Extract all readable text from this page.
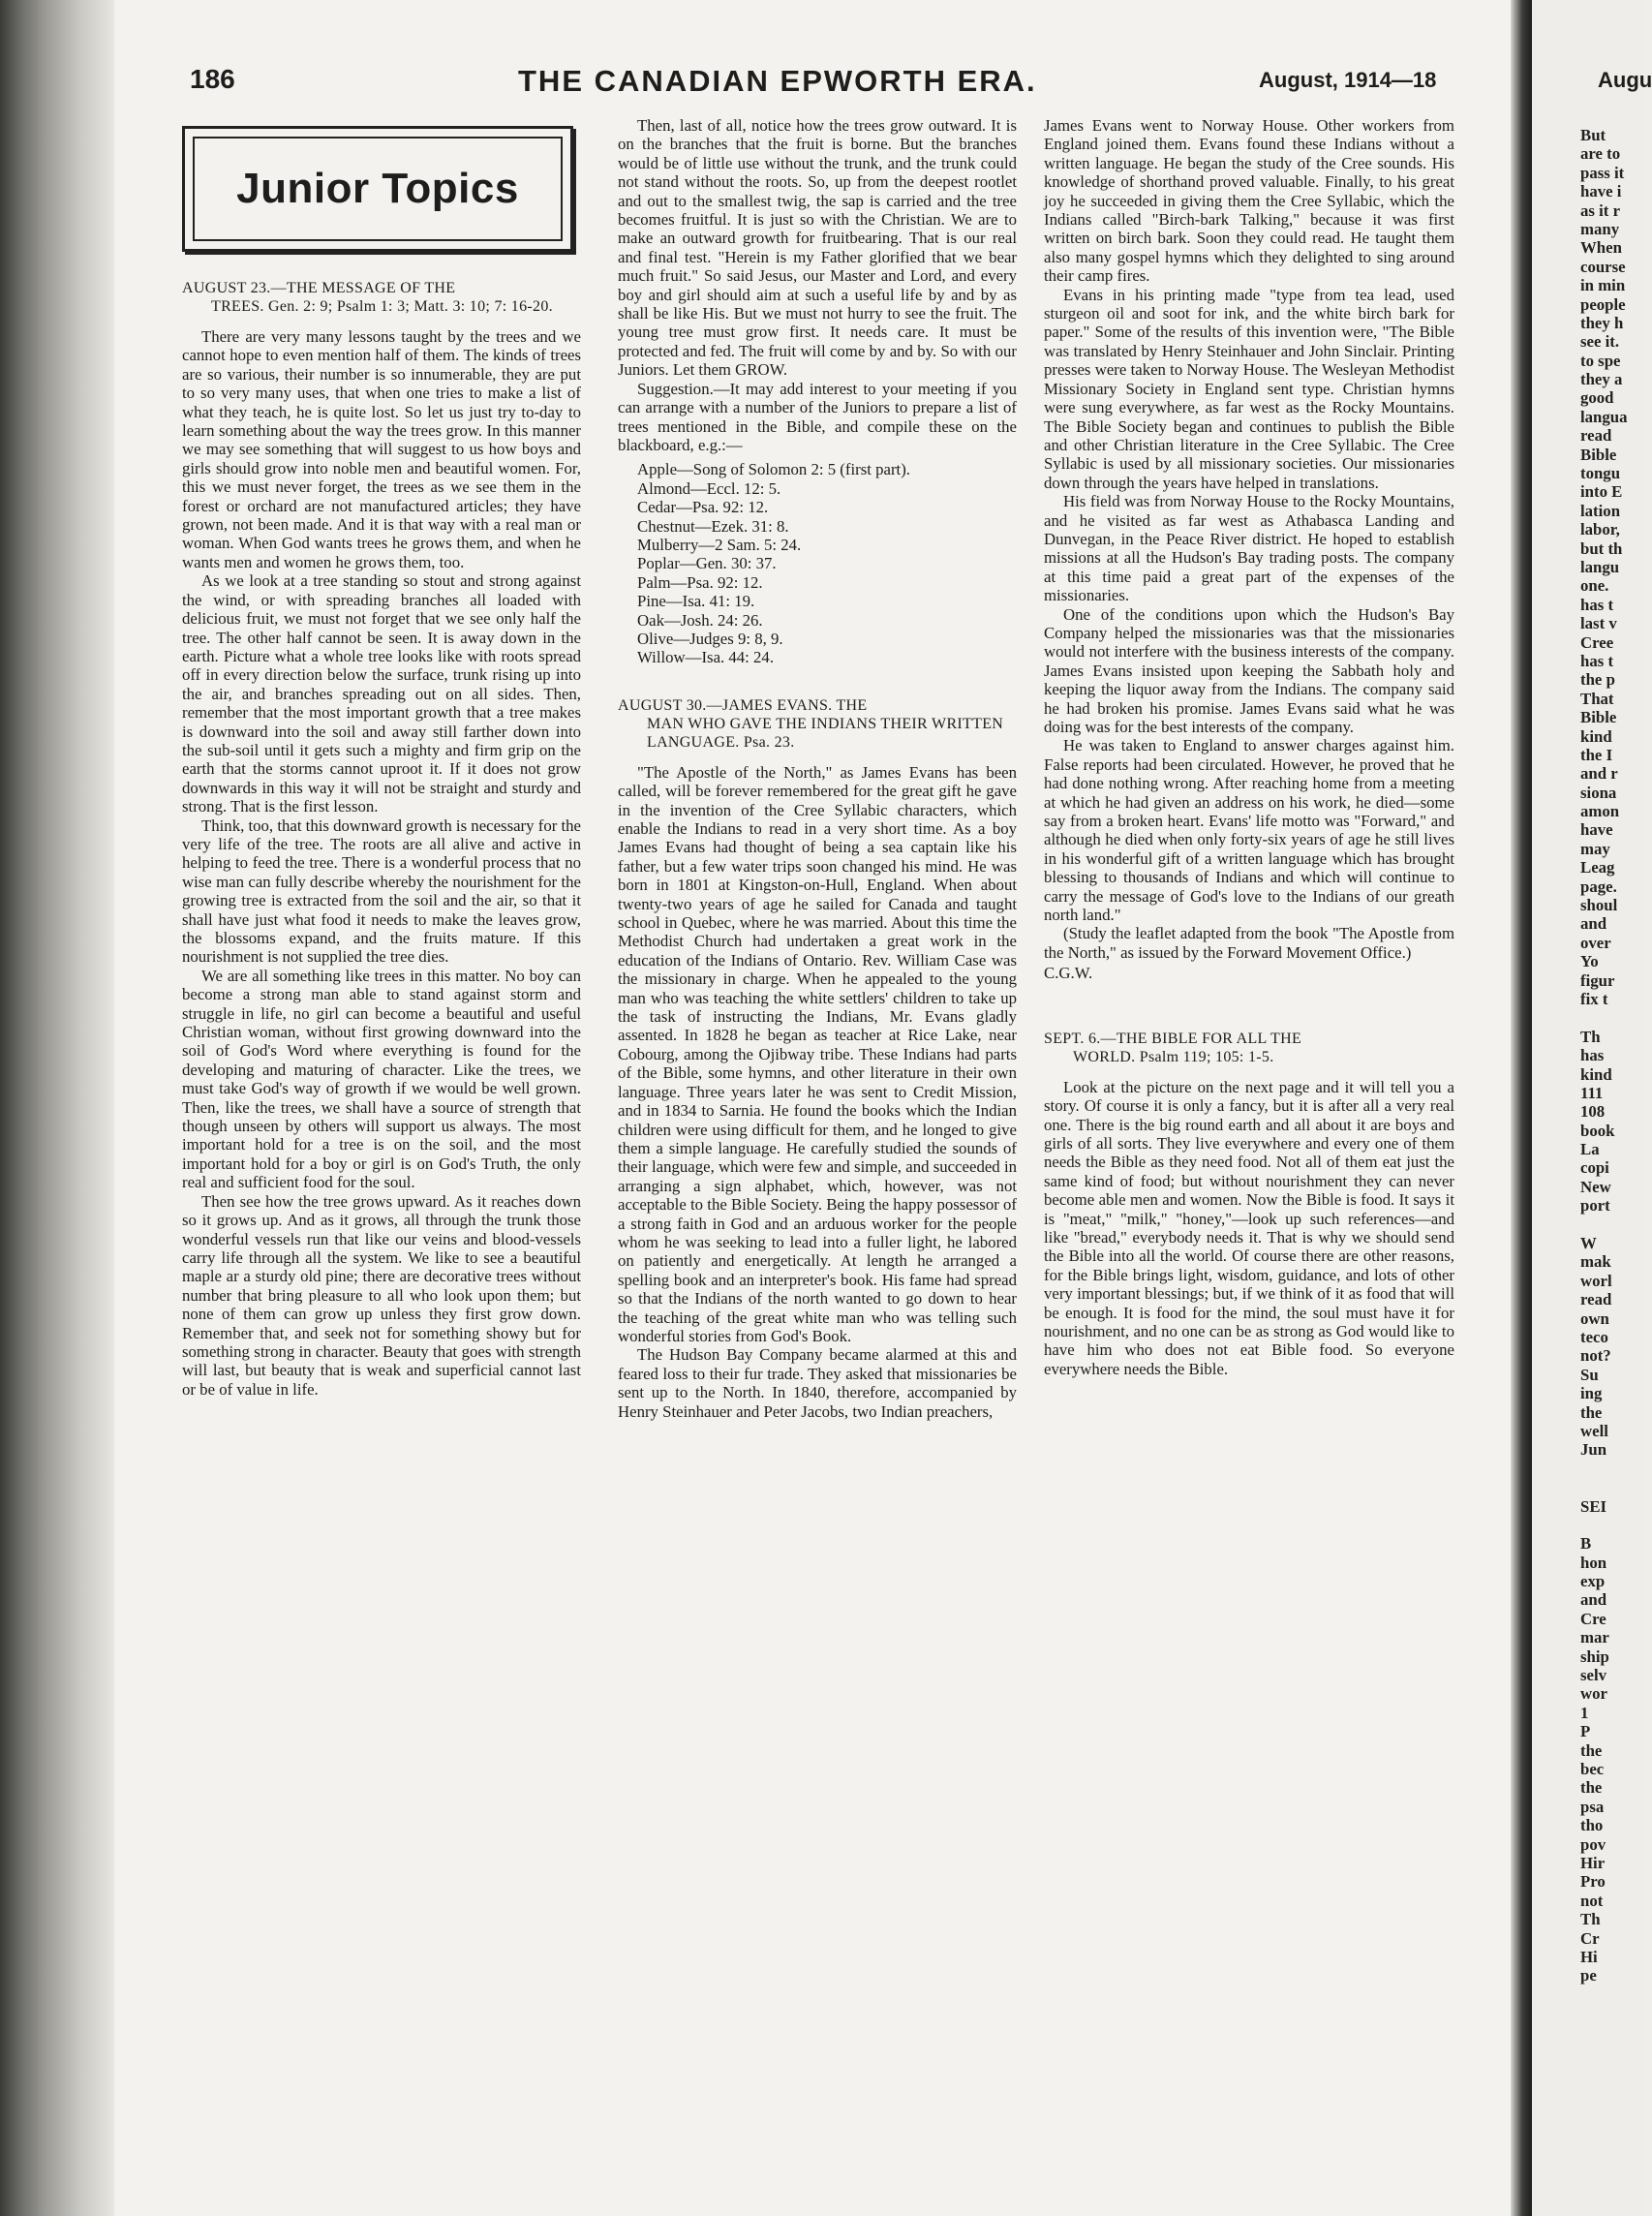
186	THE CANADIAN EPWORTH ERA.	August, 1914—18
Junior Topics
AUGUST 23.—THE MESSAGE OF THE
TREES. Gen. 2: 9; Psalm 1: 3; Matt. 3: 10; 7: 16-20.

There are very many lessons taught by the trees and we cannot hope to even mention half of them. The kinds of trees are so various, their number is so innumerable, they are put to so very many uses, that when one tries to make a list of what they teach, he is quite lost. So let us just try to-day to learn something about the way the trees grow. In this manner we may see something that will suggest to us how boys and girls should grow into noble men and beautiful women. For, this we must never forget, the trees as we see them in the forest or orchard are not manufactured articles; they have grown, not been made. And it is that way with a real man or woman. When God wants trees he grows them, and when he wants men and women he grows them, too.

As we look at a tree standing so stout and strong against the wind, or with spreading branches all loaded with delicious fruit, we must not forget that we see only half the tree. The other half cannot be seen. It is away down in the earth. Picture what a whole tree looks like with roots spread off in every direction below the surface, trunk rising up into the air, and branches spreading out on all sides. Then, remember that the most important growth that a tree makes is downward into the soil and away still farther down into the sub-soil until it gets such a mighty and firm grip on the earth that the storms cannot uproot it. If it does not grow downwards in this way it will not be straight and sturdy and strong. That is the first lesson.

Think, too, that this downward growth is necessary for the very life of the tree. The roots are all alive and active in helping to feed the tree. There is a wonderful process that no wise man can fully describe whereby the nourishment for the growing tree is extracted from the soil and the air, so that it shall have just what food it needs to make the leaves grow, the blossoms expand, and the fruits mature. If this nourishment is not supplied the tree dies.

We are all something like trees in this matter. No boy can become a strong man able to stand against storm and struggle in life, no girl can become a beautiful and useful Christian woman, without first growing downward into the soil of God's Word where everything is found for the developing and maturing of character. Like the trees, we must take God's way of growth if we would be well grown. Then, like the trees, we shall have a source of strength that though unseen by others will support us always. The most important hold for a tree is on the soil, and the most important hold for a boy or girl is on God's Truth, the only real and sufficient food for the soul.

Then see how the tree grows upward. As it reaches down so it grows up. And as it grows, all through the trunk those wonderful vessels run that like our veins and blood-vessels carry life through all the system. We like to see a beautiful maple ar a sturdy old pine; there are decorative trees without number that bring pleasure to all who look upon them; but none of them can grow up unless they first grow down. Remember that, and seek not for something showy but for something strong in character. Beauty that goes with strength will last, but beauty that is weak and superficial cannot last or be of value in life.

Then, last of all, notice how the trees grow outward. It is on the branches that the fruit is borne. But the branches would be of little use without the trunk, and the trunk could not stand without the roots. So, up from the deepest rootlet and out to the smallest twig, the sap is carried and the tree becomes fruitful. It is just so with the Christian. We are to make an outward growth for fruitbearing. That is our real and final test. "Herein is my Father glorified that we bear much fruit." So said Jesus, our Master and Lord, and every boy and girl should aim at such a useful life by and by as shall be like His. But we must not hurry to see the fruit. The young tree must grow first. It needs care. It must be protected and fed. The fruit will come by and by. So with our Juniors. Let them GROW.

Suggestion.—It may add interest to your meeting if you can arrange with a number of the Juniors to prepare a list of trees mentioned in the Bible, and compile these on the blackboard, e.g.:—

Apple—Song of Solomon 2: 5 (first part).
Almond—Eccl. 12: 5.
Cedar—Psa. 92: 12.
Chestnut—Ezek. 31: 8.
Mulberry—2 Sam. 5: 24.
Poplar—Gen. 30: 37.
Palm—Psa. 92: 12.
Pine—Isa. 41: 19.
Oak—Josh. 24: 26.
Olive—Judges 9: 8, 9.
Willow—Isa. 44: 24.
AUGUST 30.—JAMES EVANS. THE
MAN WHO GAVE THE INDIANS THEIR WRITTEN LANGUAGE. Psa. 23.

"The Apostle of the North," as James Evans has been called, will be forever remembered for the great gift he gave in the invention of the Cree Syllabic characters, which enable the Indians to read in a very short time. As a boy James Evans had thought of being a sea captain like his father, but a few water trips soon changed his mind. He was born in 1801 at Kingston-on-Hull, England. When about twenty-two years of age he sailed for Canada and taught school in Quebec, where he was married. About this time the Methodist Church had undertaken a great work in the education of the Indians of Ontario. Rev. William Case was the missionary in charge. When he appealed to the young man who was teaching the white settlers' children to take up the task of instructing the Indians, Mr. Evans gladly assented. In 1828 he began as teacher at Rice Lake, near Cobourg, among the Ojibway tribe. These Indians had parts of the Bible, some hymns, and other literature in their own language. Three years later he was sent to Credit Mission, and in 1834 to Sarnia. He found the books which the Indian children were using difficult for them, and he longed to give them a simple language. He carefully studied the sounds of their language, which were few and simple, and succeeded in arranging a sign alphabet, which, however, was not acceptable to the Bible Society. Being the happy possessor of a strong faith in God and an arduous worker for the people whom he was seeking to lead into a fuller light, he labored on patiently and energetically. At length he arranged a spelling book and an interpreter's book. His fame had spread so that the Indians of the north wanted to go down to hear the teaching of the great white man who was telling such wonderful stories from God's Book.

The Hudson Bay Company became alarmed at this and feared loss to their fur trade. They asked that missionaries be sent up to the North. In 1840, therefore, accompanied by Henry Steinhauer and Peter Jacobs, two Indian preachers,

James Evans went to Norway House. Other workers from England joined them. Evans found these Indians without a written language. He began the study of the Cree sounds. His knowledge of shorthand proved valuable. Finally, to his great joy he succeeded in giving them the Cree Syllabic, which the Indians called "Birch-bark Talking," because it was first written on birch bark. Soon they could read. He taught them also many gospel hymns which they delighted to sing around their camp fires.

Evans in his printing made "type from tea lead, used sturgeon oil and soot for ink, and the white birch bark for paper." Some of the results of this invention were, "The Bible was translated by Henry Steinhauer and John Sinclair. Printing presses were taken to Norway House. The Wesleyan Methodist Missionary Society in England sent type. Christian hymns were sung everywhere, as far west as the Rocky Mountains. The Bible Society began and continues to publish the Bible and other Christian literature in the Cree Syllabic. The Cree Syllabic is used by all missionary societies. Our missionaries down through the years have helped in translations.

His field was from Norway House to the Rocky Mountains, and he visited as far west as Athabasca Landing and Dunvegan, in the Peace River district. He hoped to establish missions at all the Hudson's Bay trading posts. The company at this time paid a great part of the expenses of the missionaries.

One of the conditions upon which the Hudson's Bay Company helped the missionaries was that the missionaries would not interfere with the business interests of the company. James Evans insisted upon keeping the Sabbath holy and keeping the liquor away from the Indians. The company said he had broken his promise. James Evans said what he was doing was for the best interests of the company.

He was taken to England to answer charges against him. False reports had been circulated. However, he proved that he had done nothing wrong. After reaching home from a meeting at which he had given an address on his work, he died—some say from a broken heart. Evans' life motto was "Forward," and although he died when only forty-six years of age he still lives in his wonderful gift of a written language which has brought blessing to thousands of Indians and which will continue to carry the message of God's love to the Indians of our greath north land."

(Study the leaflet adapted from the book "The Apostle from the North," as issued by the Forward Movement Office.)

C.G.W.

SEPT. 6.—THE BIBLE FOR ALL THE
WORLD. Psalm 119; 105: 1-5.

Look at the picture on the next page and it will tell you a story. Of course it is only a fancy, but it is after all a very real one. There is the big round earth and all about it are boys and girls of all sorts. They live everywhere and every one of them needs the Bible as they need food. Not all of them eat just the same kind of food; but without nourishment they can never become able men and women. Now the Bible is food. It says it is "meat," "milk," "honey,"—look up such references—and like "bread," everybody needs it. That is why we should send the Bible into all the world. Of course there are other reasons, for the Bible brings light, wisdom, guidance, and lots of other very important blessings; but, if we think of it as food that will be enough. It is food for the mind, the soul must have it for nourishment, and no one can be as strong as God would like to have him who does not eat Bible food. So everyone everywhere needs the Bible.

Augu
But
are to
pass it
have i
as it r
many
When
course
in min
people
they h
see it.
to spe
they a
good
langua
read
Bible
tongu
into E
lation
labor,
but th
langu
one.
has t
last v
Cree
has t
the p
That
Bible
kind
the I
and r
siona
amon
have
may
Leag
page.
shoul
and
over
Yo
figur
fix t
Th
has
kind
111
108
book
La
copi
New
port
W
mak
worl
read
own
teco
not?
Su
ing
the
well
Jun
SEI
B
hon
exp
and
Cre
mar
ship
selv
wor
1
P
the
bec
the
psa
tho
pov
Hir
Pro
not
Th
Cr
Hi
pe
